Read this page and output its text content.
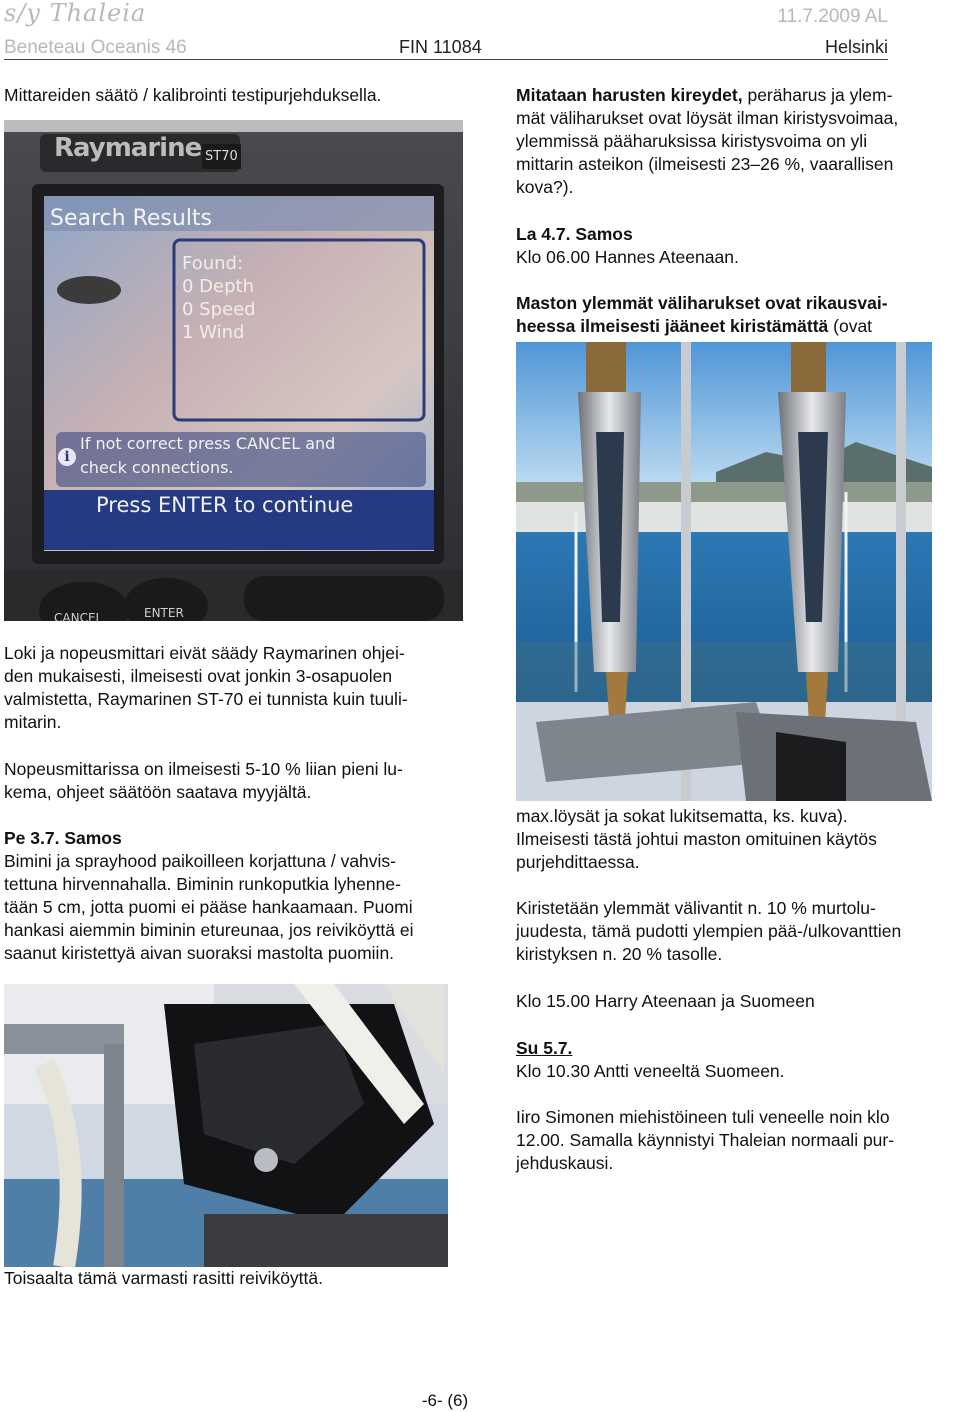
s/y Thaleia	11.7.2009 AL
Beneteau Oceanis 46	FIN 11084	Helsinki

Mittareiden säätö / kalibrointi testipurjehduksella.

Raymarine ST70
Search Results
Found:
0 Depth
0 Speed
1 Wind
i
If not correct press CANCEL and
check connections.
Press ENTER to continue
CANCEL	ENTER
Loki ja nopeusmittari eivät säädy Raymarinen ohjei-
den mukaisesti, ilmeisesti ovat jonkin 3-osapuolen
valmistetta, Raymarinen ST-70 ei tunnista kuin tuuli-
mitarin.
Nopeusmittarissa on ilmeisesti 5-10 % liian pieni lu-
kema, ohjeet säätöön saatava myyjältä.
Pe 3.7. Samos
Bimini ja sprayhood paikoilleen korjattuna / vahvis-
tettuna hirvennahalla. Biminin runkoputkia lyhenne-
tään 5 cm, jotta puomi ei pääse hankaamaan. Puomi
hankasi aiemmin biminin etureunaa, jos reiviköyttä ei
saanut kiristettyä aivan suoraksi mastolta puomiin.

Toisaalta tämä varmasti rasitti reiviköyttä.

Mitataan harusten kireydet, peräharus ja ylem-
mät väliharukset ovat löysät ilman kiristysvoimaa,
ylemmissä pääharuksissa kiristysvoima on yli
mittarin asteikon (ilmeisesti 23–26 %, vaarallisen
kova?).
La 4.7. Samos
Klo 06.00 Hannes Ateenaan.
Maston ylemmät väliharukset ovat rikausvai-
heessa ilmeisesti jääneet kiristämättä (ovat
max.löysät ja sokat lukitsematta, ks. kuva).
Ilmeisesti tästä johtui maston omituinen käytös
purjehdittaessa.
Kiristetään ylemmät välivantit n. 10 % murtolu-
juudesta, tämä pudotti ylempien pää-/ulkovanttien
kiristyksen n. 20 % tasolle.
Klo 15.00 Harry Ateenaan ja Suomeen
Su 5.7.
Klo 10.30 Antti veneeltä Suomeen.
Iiro Simonen miehistöineen tuli veneelle noin klo
12.00. Samalla käynnistyi Thaleian normaali pur-
jehduskausi.
-6- (6)
